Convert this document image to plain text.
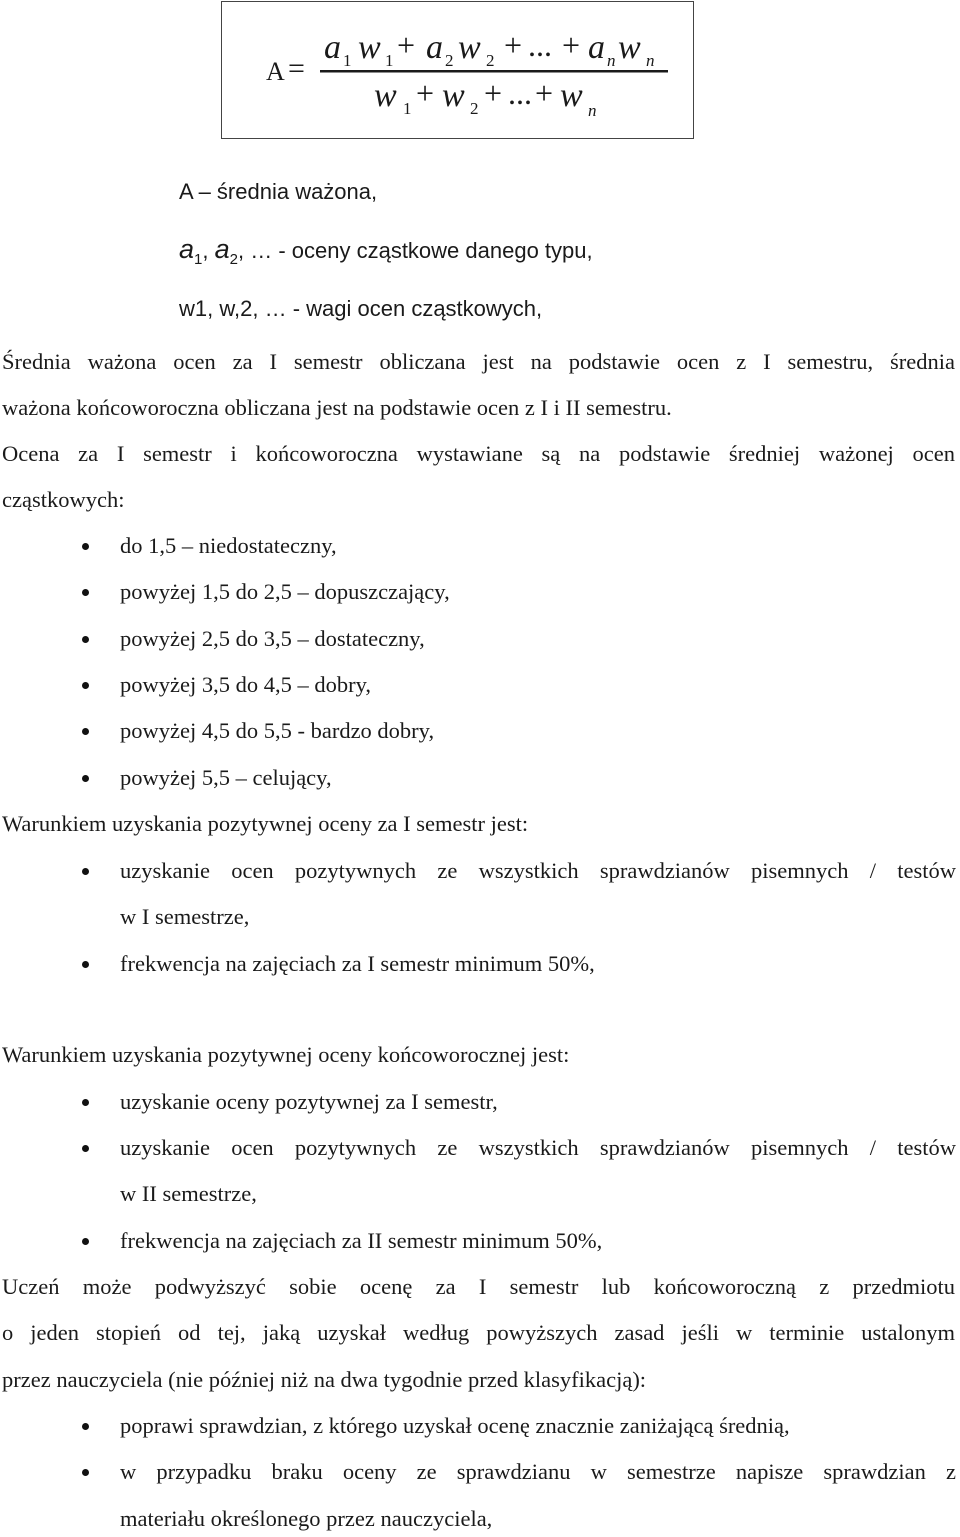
A =
a w a w	a w
1 1	2 2	n n
+	+ +
...
w w	w
1	2	n
+ + +
...
A – średnia ważona,
$a_1$, $a_2$, … - oceny cząstkowe danego typu,
w1, w,2, … - wagi ocen cząstkowych,
Średnia ważona ocen za I semestr obliczana jest na podstawie ocen z I semestru, średnia
ważona końcoworoczna obliczana jest na podstawie ocen z I i II semestru.
Ocena za I semestr i końcoworoczna wystawiane są na podstawie średniej ważonej ocen
cząstkowych:
do 1,5 – niedostateczny,
powyżej 1,5 do 2,5 – dopuszczający,
powyżej 2,5 do 3,5 – dostateczny,
powyżej 3,5 do 4,5 – dobry,
powyżej 4,5 do 5,5 - bardzo dobry,
powyżej 5,5 – celujący,
Warunkiem uzyskania pozytywnej oceny za I semestr jest:
uzyskanie ocen pozytywnych ze wszystkich sprawdzianów pisemnych / testów
w I semestrze,
frekwencja na zajęciach za I semestr minimum 50%,
Warunkiem uzyskania pozytywnej oceny końcoworocznej jest:
uzyskanie oceny pozytywnej za I semestr,
uzyskanie ocen pozytywnych ze wszystkich sprawdzianów pisemnych / testów
w II semestrze,
frekwencja na zajęciach za II semestr minimum 50%,
Uczeń może podwyższyć sobie ocenę za I semestr lub końcoworoczną z przedmiotu
o jeden stopień od tej, jaką uzyskał według powyższych zasad jeśli w terminie ustalonym
przez nauczyciela (nie później niż na dwa tygodnie przed klasyfikacją):
poprawi sprawdzian, z którego uzyskał ocenę znacznie zaniżającą średnią,
w przypadku braku oceny ze sprawdzianu w semestrze napisze sprawdzian z
materiału określonego przez nauczyciela,
